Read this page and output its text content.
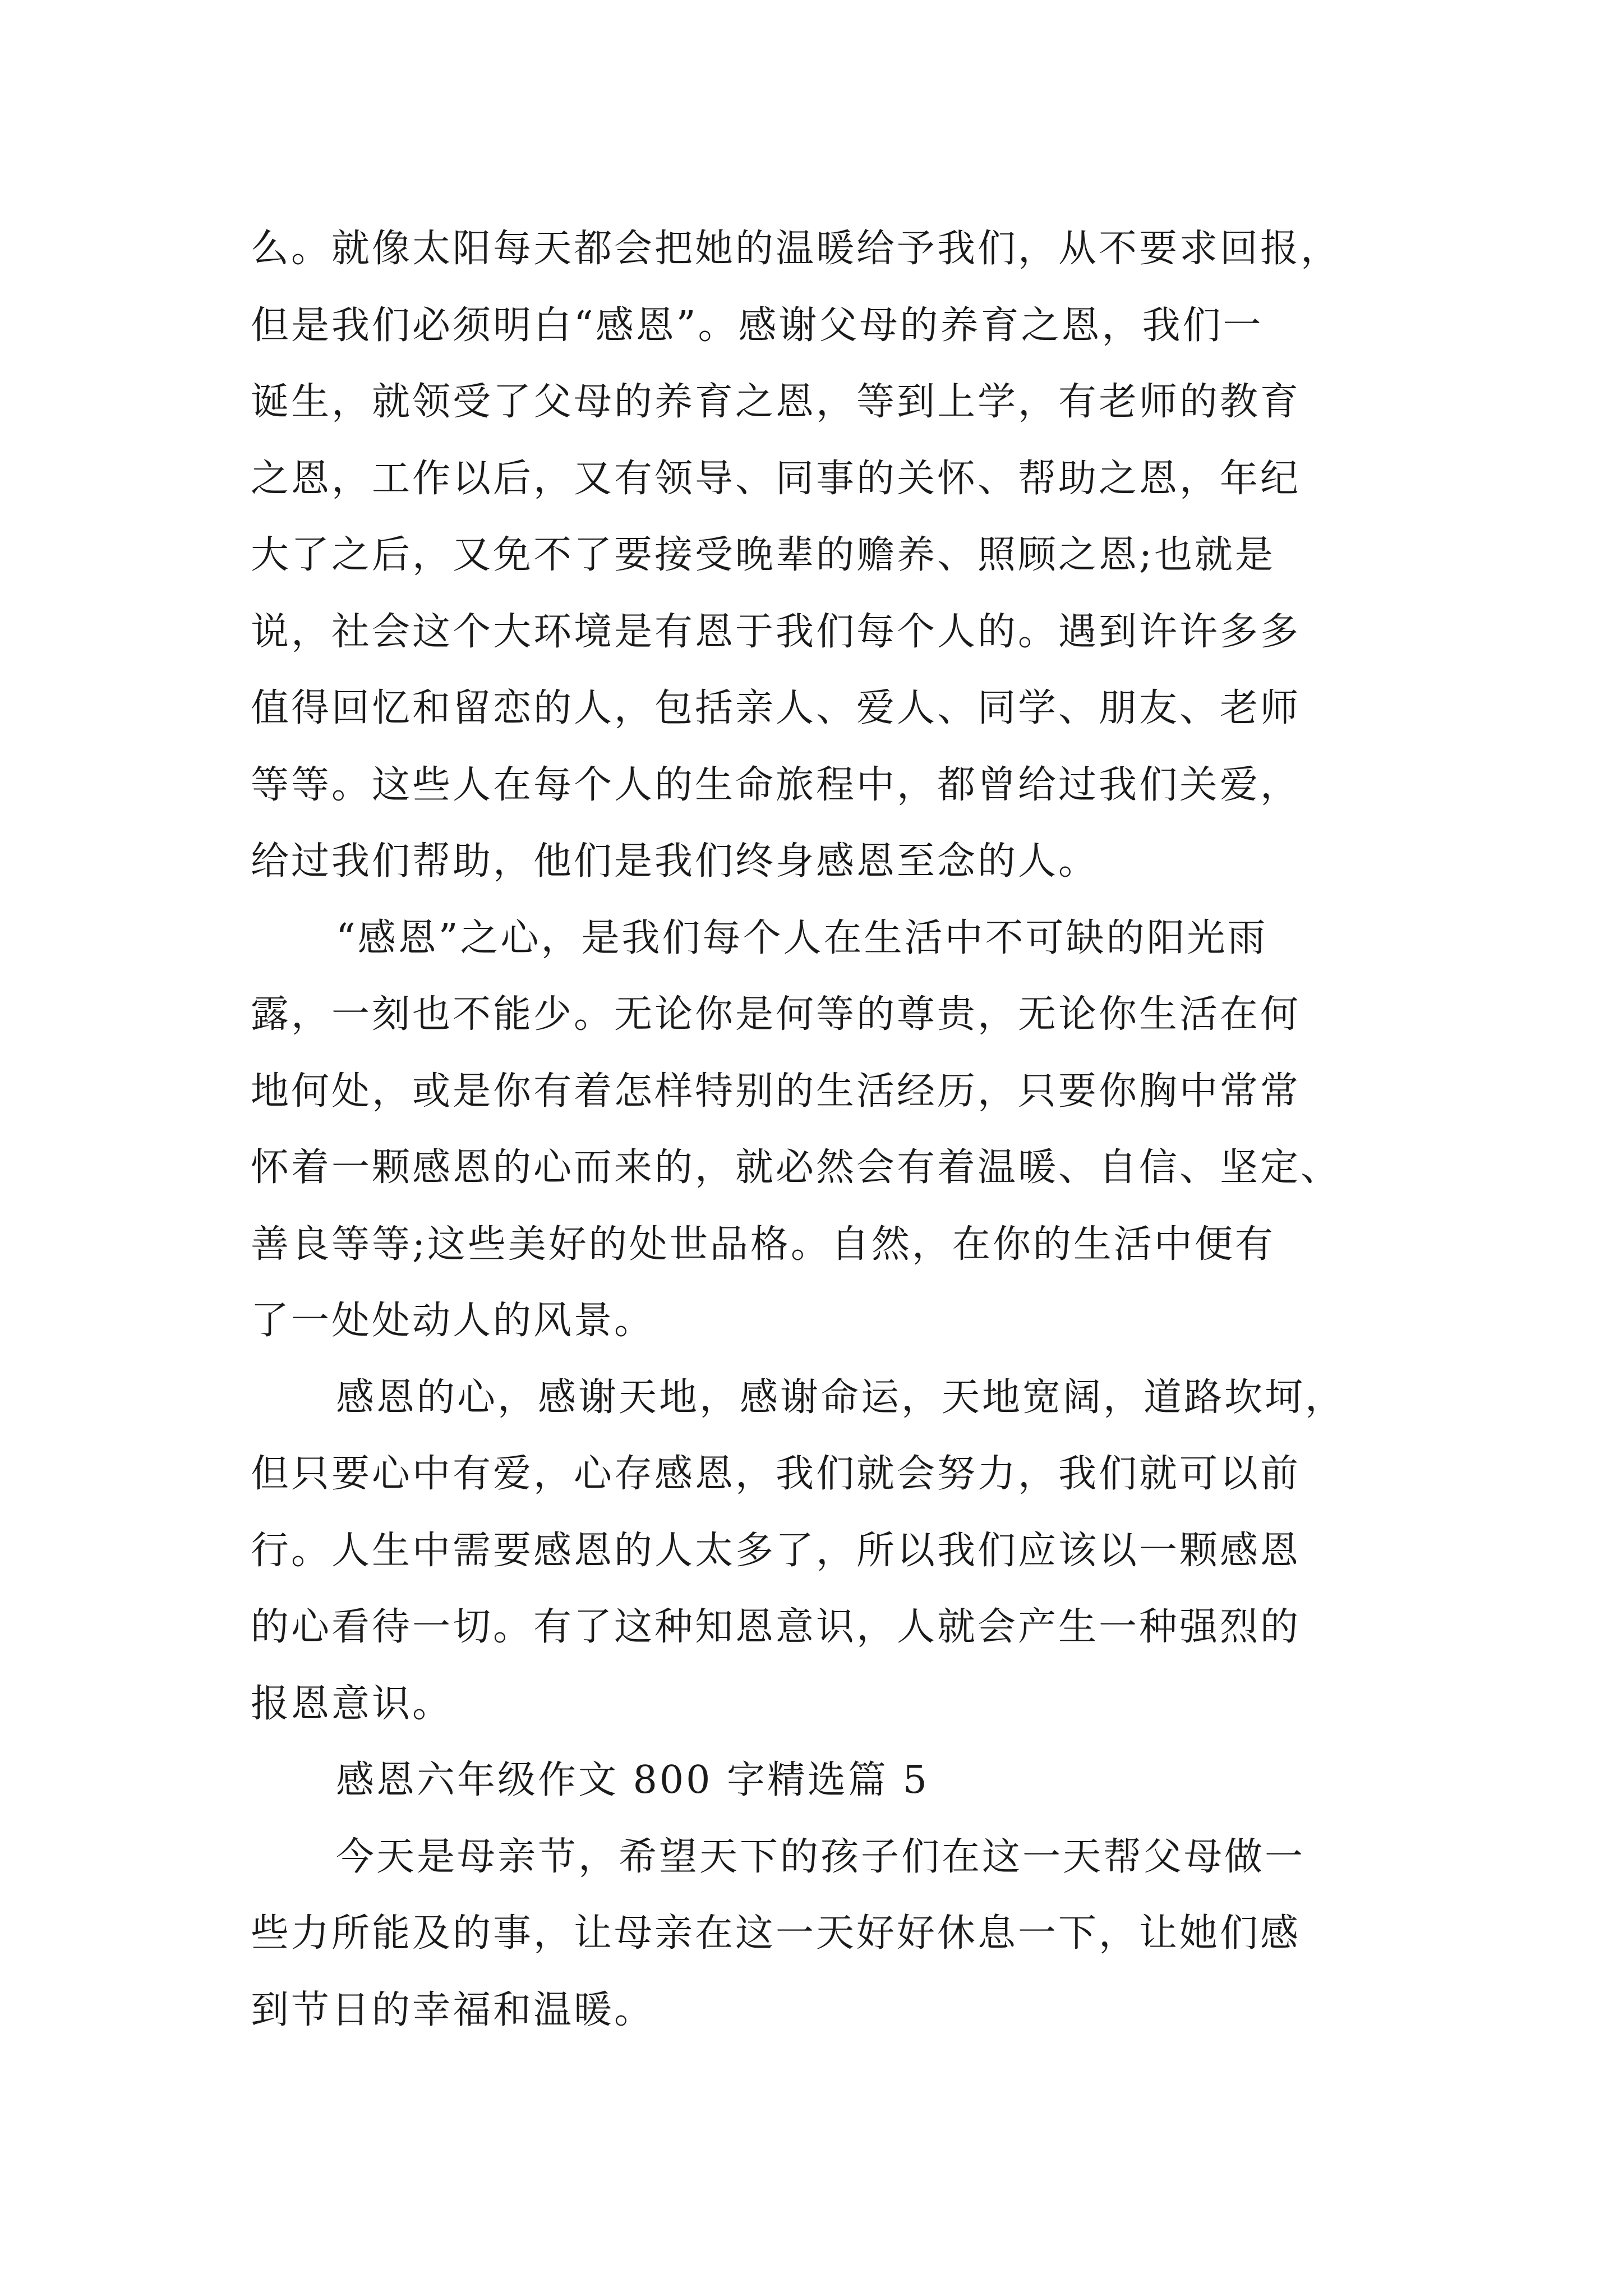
么。就像太阳每天都会把她的温暖给予我们，从不要求回报，
但是我们必须明白“感恩”。感谢父母的养育之恩，我们一
诞生，就领受了父母的养育之恩，等到上学，有老师的教育
之恩，工作以后，又有领导、同事的关怀、帮助之恩，年纪
大了之后，又免不了要接受晚辈的赡养、照顾之恩;也就是
说，社会这个大环境是有恩于我们每个人的。遇到许许多多
值得回忆和留恋的人，包括亲人、爱人、同学、朋友、老师
等等。这些人在每个人的生命旅程中，都曾给过我们关爱，
给过我们帮助，他们是我们终身感恩至念的人。
“感恩”之心，是我们每个人在生活中不可缺的阳光雨
露，一刻也不能少。无论你是何等的尊贵，无论你生活在何
地何处，或是你有着怎样特别的生活经历，只要你胸中常常
怀着一颗感恩的心而来的，就必然会有着温暖、自信、坚定、
善良等等;这些美好的处世品格。自然，在你的生活中便有
了一处处动人的风景。
感恩的心，感谢天地，感谢命运，天地宽阔，道路坎坷，
但只要心中有爱，心存感恩，我们就会努力，我们就可以前
行。人生中需要感恩的人太多了，所以我们应该以一颗感恩
的心看待一切。有了这种知恩意识，人就会产生一种强烈的
报恩意识。
感恩六年级作文 800 字精选篇 5
今天是母亲节，希望天下的孩子们在这一天帮父母做一
些力所能及的事，让母亲在这一天好好休息一下，让她们感
到节日的幸福和温暖。
